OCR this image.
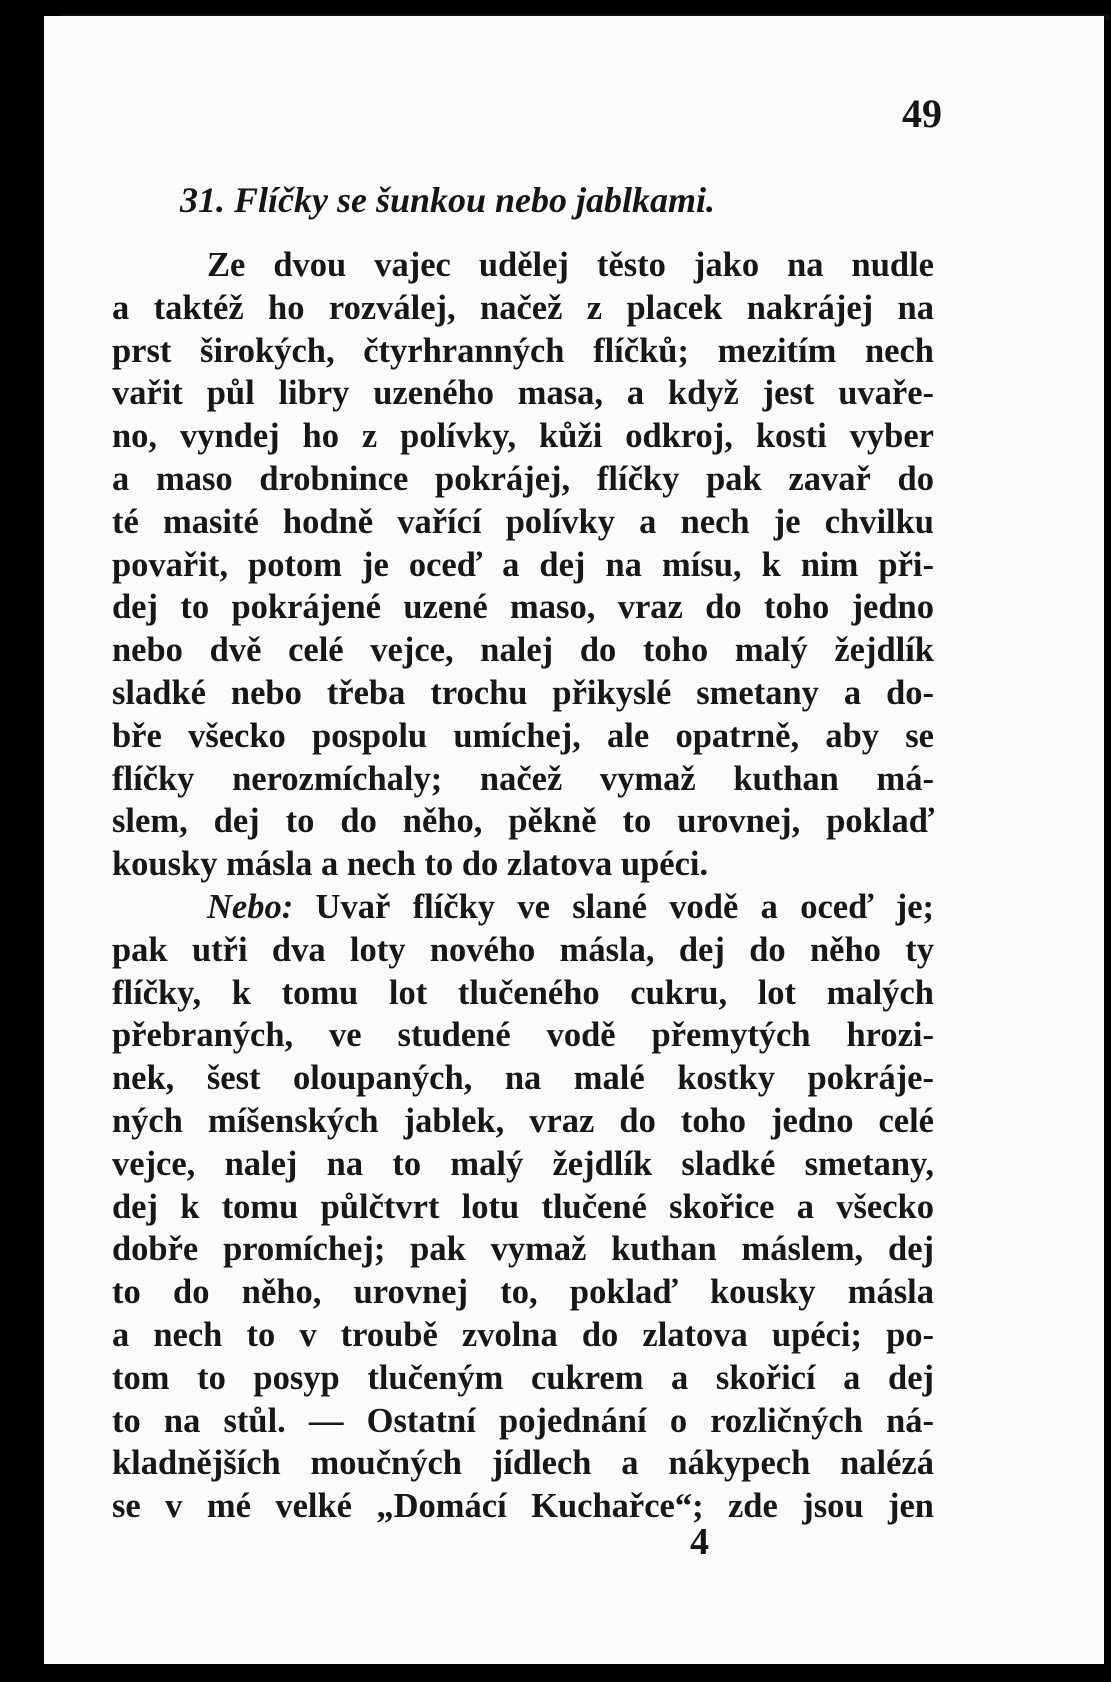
49
31. Flíčky se šunkou nebo jablkami.
Ze dvou vajec udělej těsto jako na nudle
a taktéž ho rozválej, načež z placek nakrájej na
prst širokých, čtyrhranných flíčků; mezitím nech
vařit půl libry uzeného masa, a když jest uvaře-
no, vyndej ho z polívky, kůži odkroj, kosti vyber
a maso drobnince pokrájej, flíčky pak zavař do
té masité hodně vařící polívky a nech je chvilku
povařit, potom je oceď a dej na mísu, k nim při-
dej to pokrájené uzené maso, vraz do toho jedno
nebo dvě celé vejce, nalej do toho malý žejdlík
sladké nebo třeba trochu přikyslé smetany a do-
bře všecko pospolu umíchej, ale opatrně, aby se
flíčky nerozmíchaly; načež vymaž kuthan má-
slem, dej to do něho, pěkně to urovnej, poklaď
kousky másla a nech to do zlatova upéci.
Nebo: Uvař flíčky ve slané vodě a oceď je;
pak utři dva loty nového másla, dej do něho ty
flíčky, k tomu lot tlučeného cukru, lot malých
přebraných, ve studené vodě přemytých hrozi-
nek, šest oloupaných, na malé kostky pokráje-
ných míšenských jablek, vraz do toho jedno celé
vejce, nalej na to malý žejdlík sladké smetany,
dej k tomu půlčtvrt lotu tlučené skořice a všecko
dobře promíchej; pak vymaž kuthan máslem, dej
to do něho, urovnej to, poklaď kousky másla
a nech to v troubě zvolna do zlatova upéci; po-
tom to posyp tlučeným cukrem a skořicí a dej
to na stůl. — Ostatní pojednání o rozličných ná-
kladnějších moučných jídlech a nákypech nalézá
se v mé velké „Domácí Kuchařce“; zde jsou jen
4
